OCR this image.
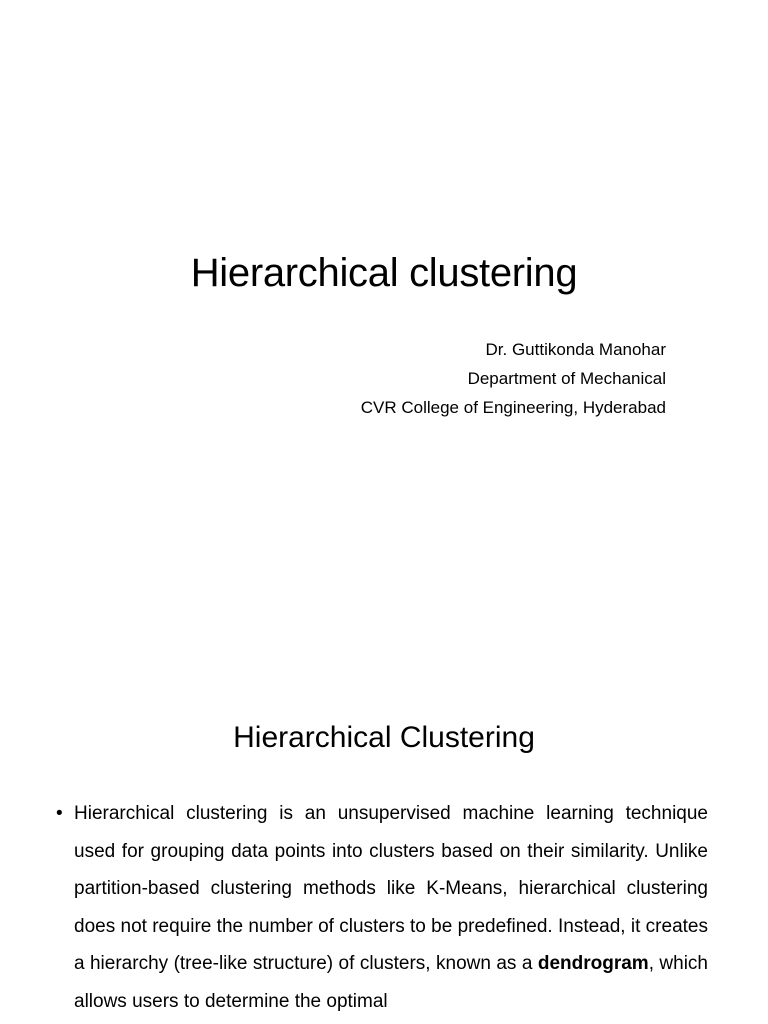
Hierarchical clustering
Dr. Guttikonda Manohar
Department of Mechanical
CVR College of Engineering, Hyderabad
Hierarchical Clustering
• Hierarchical clustering is an unsupervised machine learning technique used for grouping data points into clusters based on their similarity. Unlike partition-based clustering methods like K-Means, hierarchical clustering does not require the number of clusters to be predefined. Instead, it creates a hierarchy (tree-like structure) of clusters, known as a dendrogram, which allows users to determine the optimal
